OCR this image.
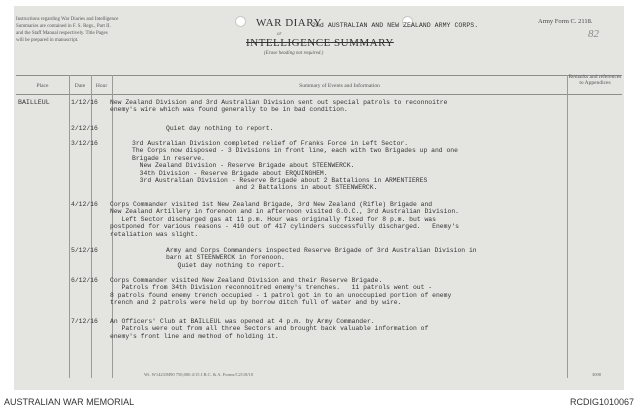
Instructions regarding War Diaries and Intelligence
Summaries are contained in F. S. Regs., Part II.
and the Staff Manual respectively. Title Pages
will be prepared in manuscript.
WAR DIARY
2nd AUSTRALIAN AND NEW ZEALAND ARMY CORPS.
or
INTELLIGENCE SUMMARY
(Erase heading not required.)
Army Form C. 2118.
82
Place	Date	Hour	Summary of Events and Information
Remarks and references to Appendices
BAILLEUL	1/12/16 New Zealand Division and 3rd Australian Division sent out special patrols to reconnoitre
enemy's wire which was found generally to be in bad condition.
2/12/16	Quiet day nothing to report.
3/12/16	3rd Australian Division completed relief of Franks Force in Left Sector.
The Corps now disposed - 3 Divisions in front line, each with two Brigades up and one
Brigade in reserve.
New Zealand Division - Reserve Brigade about STEENWERCK.
34th Division - Reserve Brigade about ERQUINGHEM.
3rd Australian Division - Reserve Brigade about 2 Battalions in ARMENTIERES
and 2 Battalions in about STEENWERCK.
4/12/16 Corps Commander visited 1st New Zealand Brigade, 3rd New Zealand (Rifle) Brigade and
New Zealand Artillery in forenoon and in afternoon visited G.O.C., 3rd Australian Division.
Left Sector discharged gas at 11 p.m. Hour was originally fixed for 8 p.m. but was
postponed for various reasons - 410 out of 417 cylinders successfully discharged.   Enemy's
retaliation was slight.
5/12/16	Army and Corps Commanders inspected Reserve Brigade of 3rd Australian Division in
barn at STEENWERCK in forenoon.
Quiet day nothing to report.
6/12/16 Corps Commander visited New Zealand Division and their Reserve Brigade.
Patrols from 34th Division reconnoitred enemy's trenches.   11 patrols went out -
8 patrols found enemy trench occupied - 1 patrol got in to an unoccupied portion of enemy
trench and 2 patrols were held up by borrow ditch full of water and by wire.
7/12/16 An Officers' Club at BAILLEUL was opened at 4 p.m. by Army Commander.
Patrols were out from all three Sectors and brought back valuable information of
enemy's front line and method of holding it.
Wt. W1423/M90 750,000 4/15 J.B.C. & A. Forms/C2118/10	3008
AUSTRALIAN WAR MEMORIAL	RCDIG1010067
